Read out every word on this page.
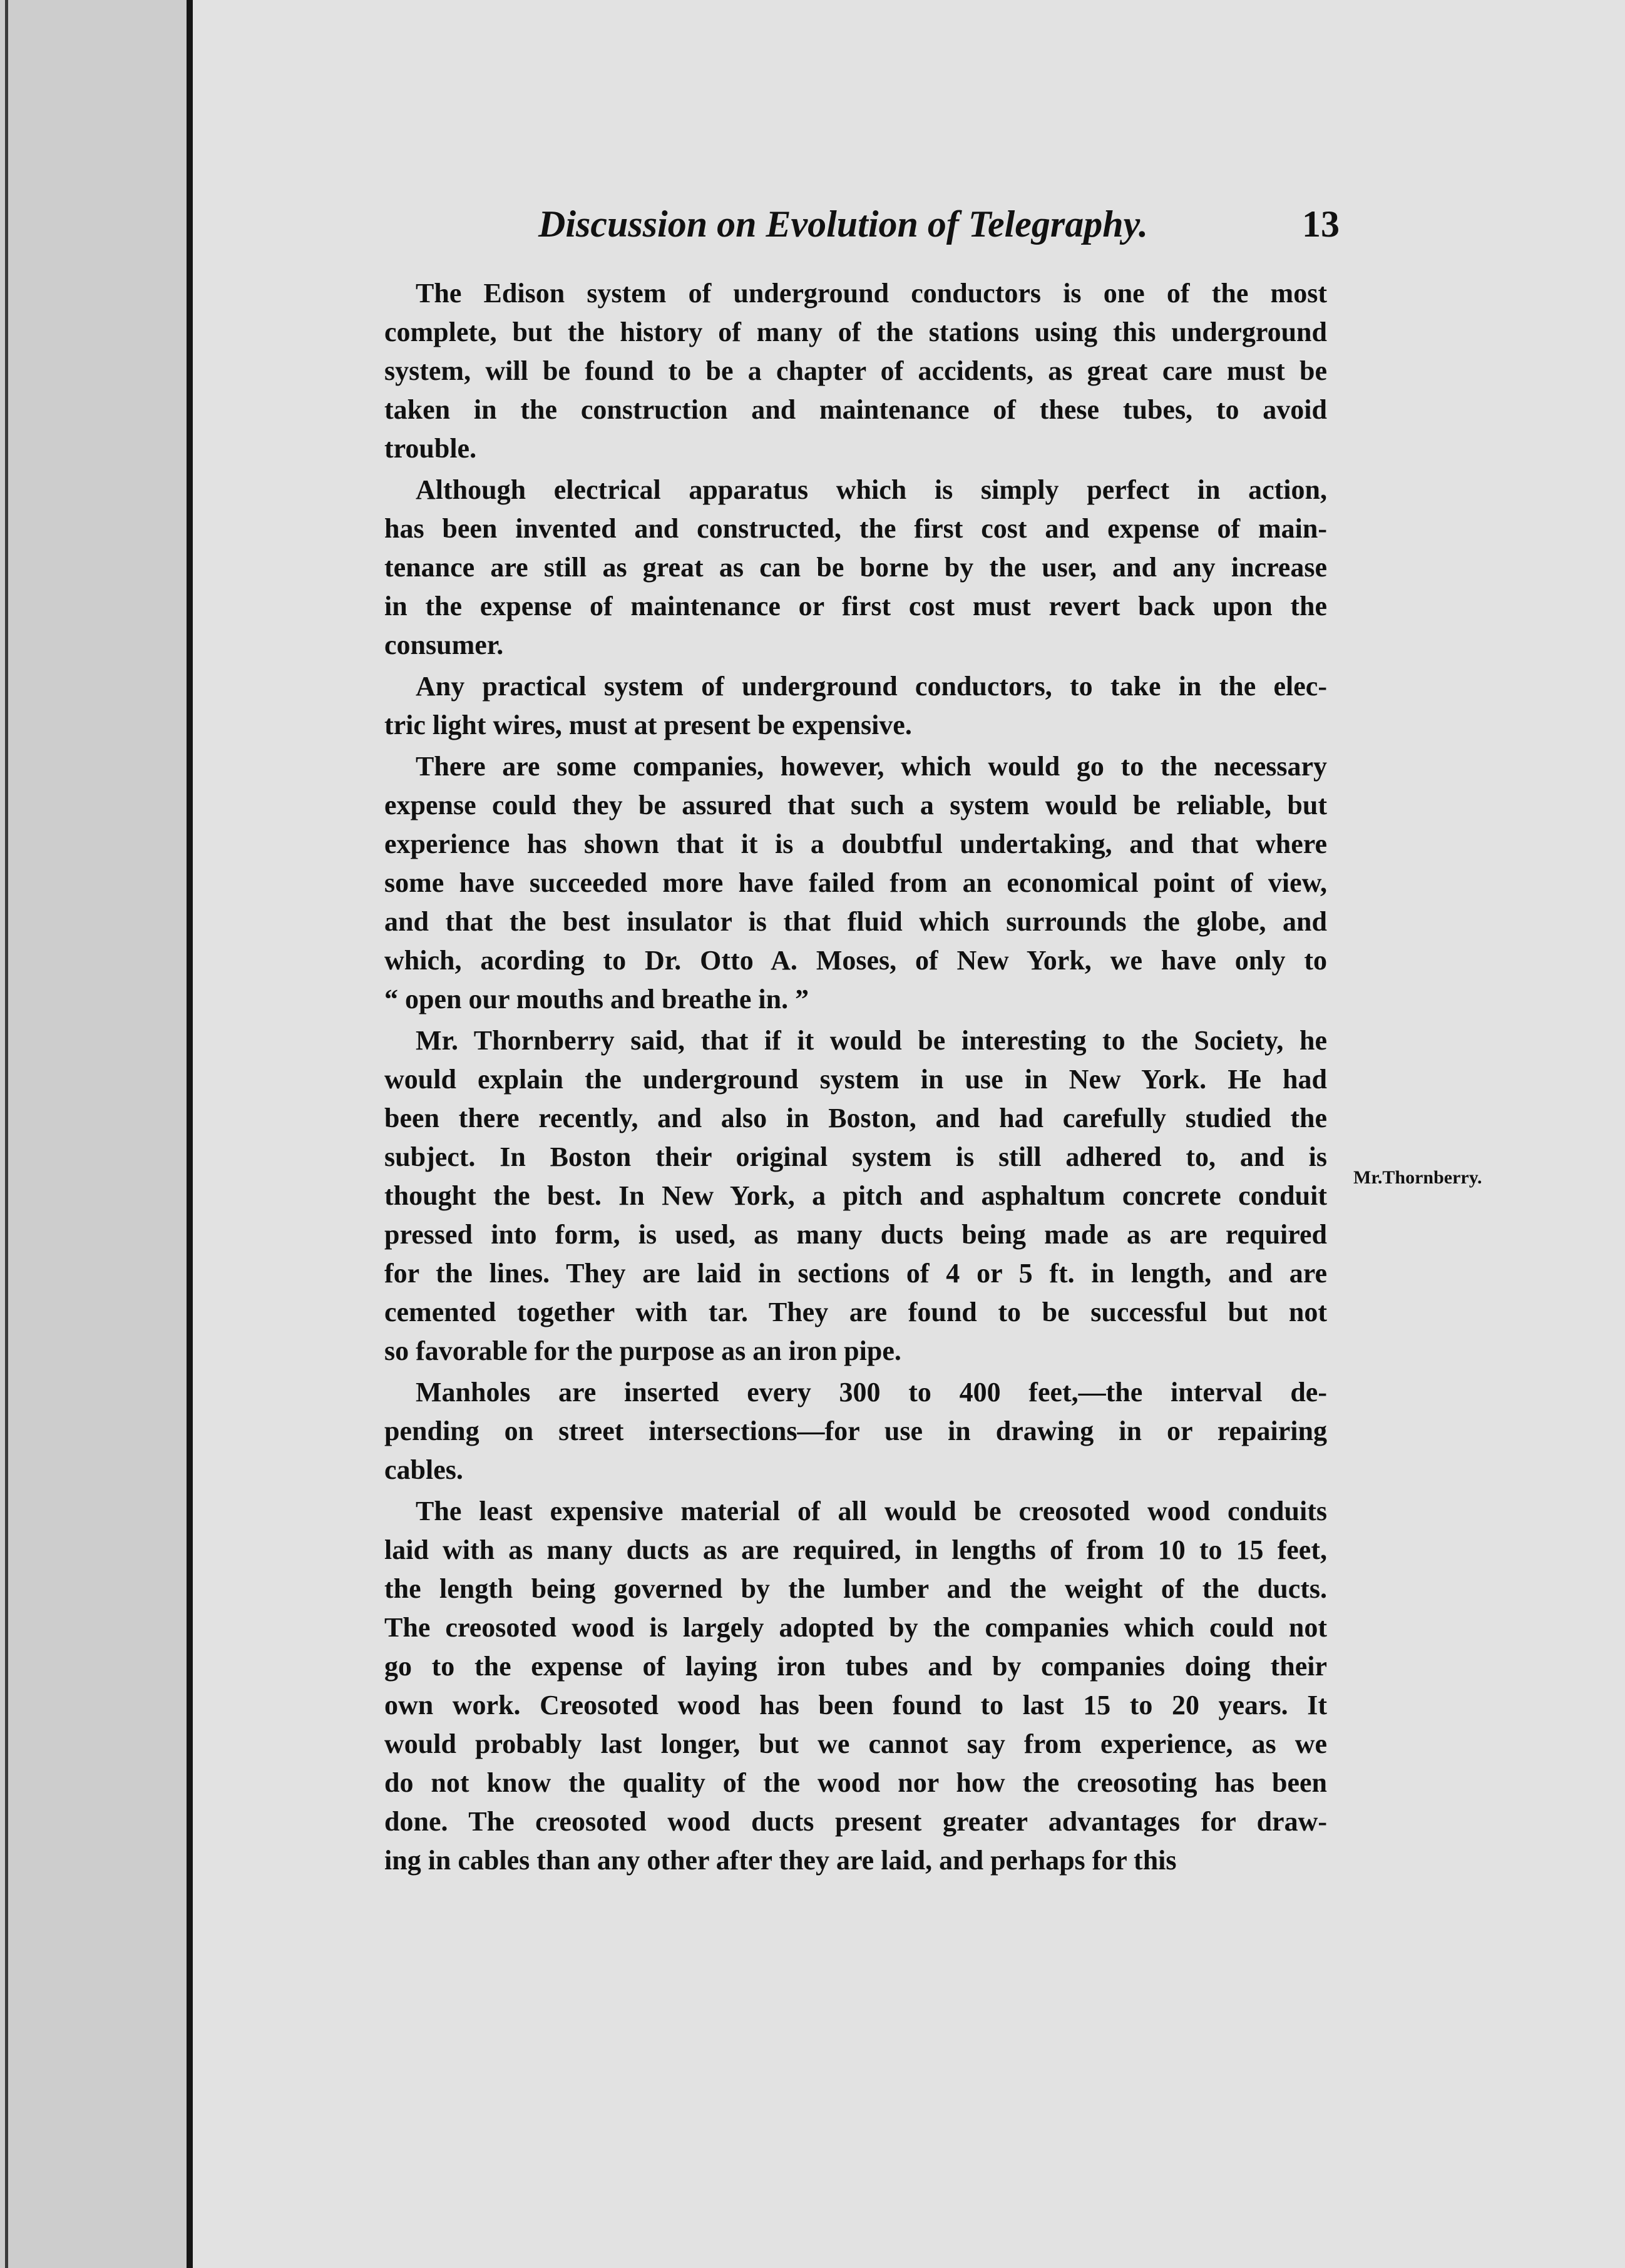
Discussion on Evolution of Telegraphy.	13
Mr.Thornberry.
The Edison system of underground conductors is one of the most
complete, but the history of many of the stations using this underground
system, will be found to be a chapter of accidents, as great care must be
taken in the construction and maintenance of these tubes, to avoid
trouble.
Although electrical apparatus which is simply perfect in action,
has been invented and constructed, the first cost and expense of main-
tenance are still as great as can be borne by the user, and any increase
in the expense of maintenance or first cost must revert back upon the
consumer.
Any practical system of underground conductors, to take in the elec-
tric light wires, must at present be expensive.
There are some companies, however, which would go to the necessary
expense could they be assured that such a system would be reliable, but
experience has shown that it is a doubtful undertaking, and that where
some have succeeded more have failed from an economical point of view,
and that the best insulator is that fluid which surrounds the globe, and
which, acording to Dr. Otto A. Moses, of New York, we have only to
“ open our mouths and breathe in. ”
Mr. Thornberry said, that if it would be interesting to the Society, he
would explain the underground system in use in New York. He had
been there recently, and also in Boston, and had carefully studied the
subject. In Boston their original system is still adhered to, and is
thought the best. In New York, a pitch and asphaltum concrete conduit
pressed into form, is used, as many ducts being made as are required
for the lines. They are laid in sections of 4 or 5 ft. in length, and are
cemented together with tar. They are found to be successful but not
so favorable for the purpose as an iron pipe.
Manholes are inserted every 300 to 400 feet,—the interval de-
pending on street intersections—for use in drawing in or repairing
cables.
The least expensive material of all would be creosoted wood conduits
laid with as many ducts as are required, in lengths of from 10 to 15 feet,
the length being governed by the lumber and the weight of the ducts.
The creosoted wood is largely adopted by the companies which could not
go to the expense of laying iron tubes and by companies doing their
own work. Creosoted wood has been found to last 15 to 20 years. It
would probably last longer, but we cannot say from experience, as we
do not know the quality of the wood nor how the creosoting has been
done. The creosoted wood ducts present greater advantages for draw-
ing in cables than any other after they are laid, and perhaps for this
